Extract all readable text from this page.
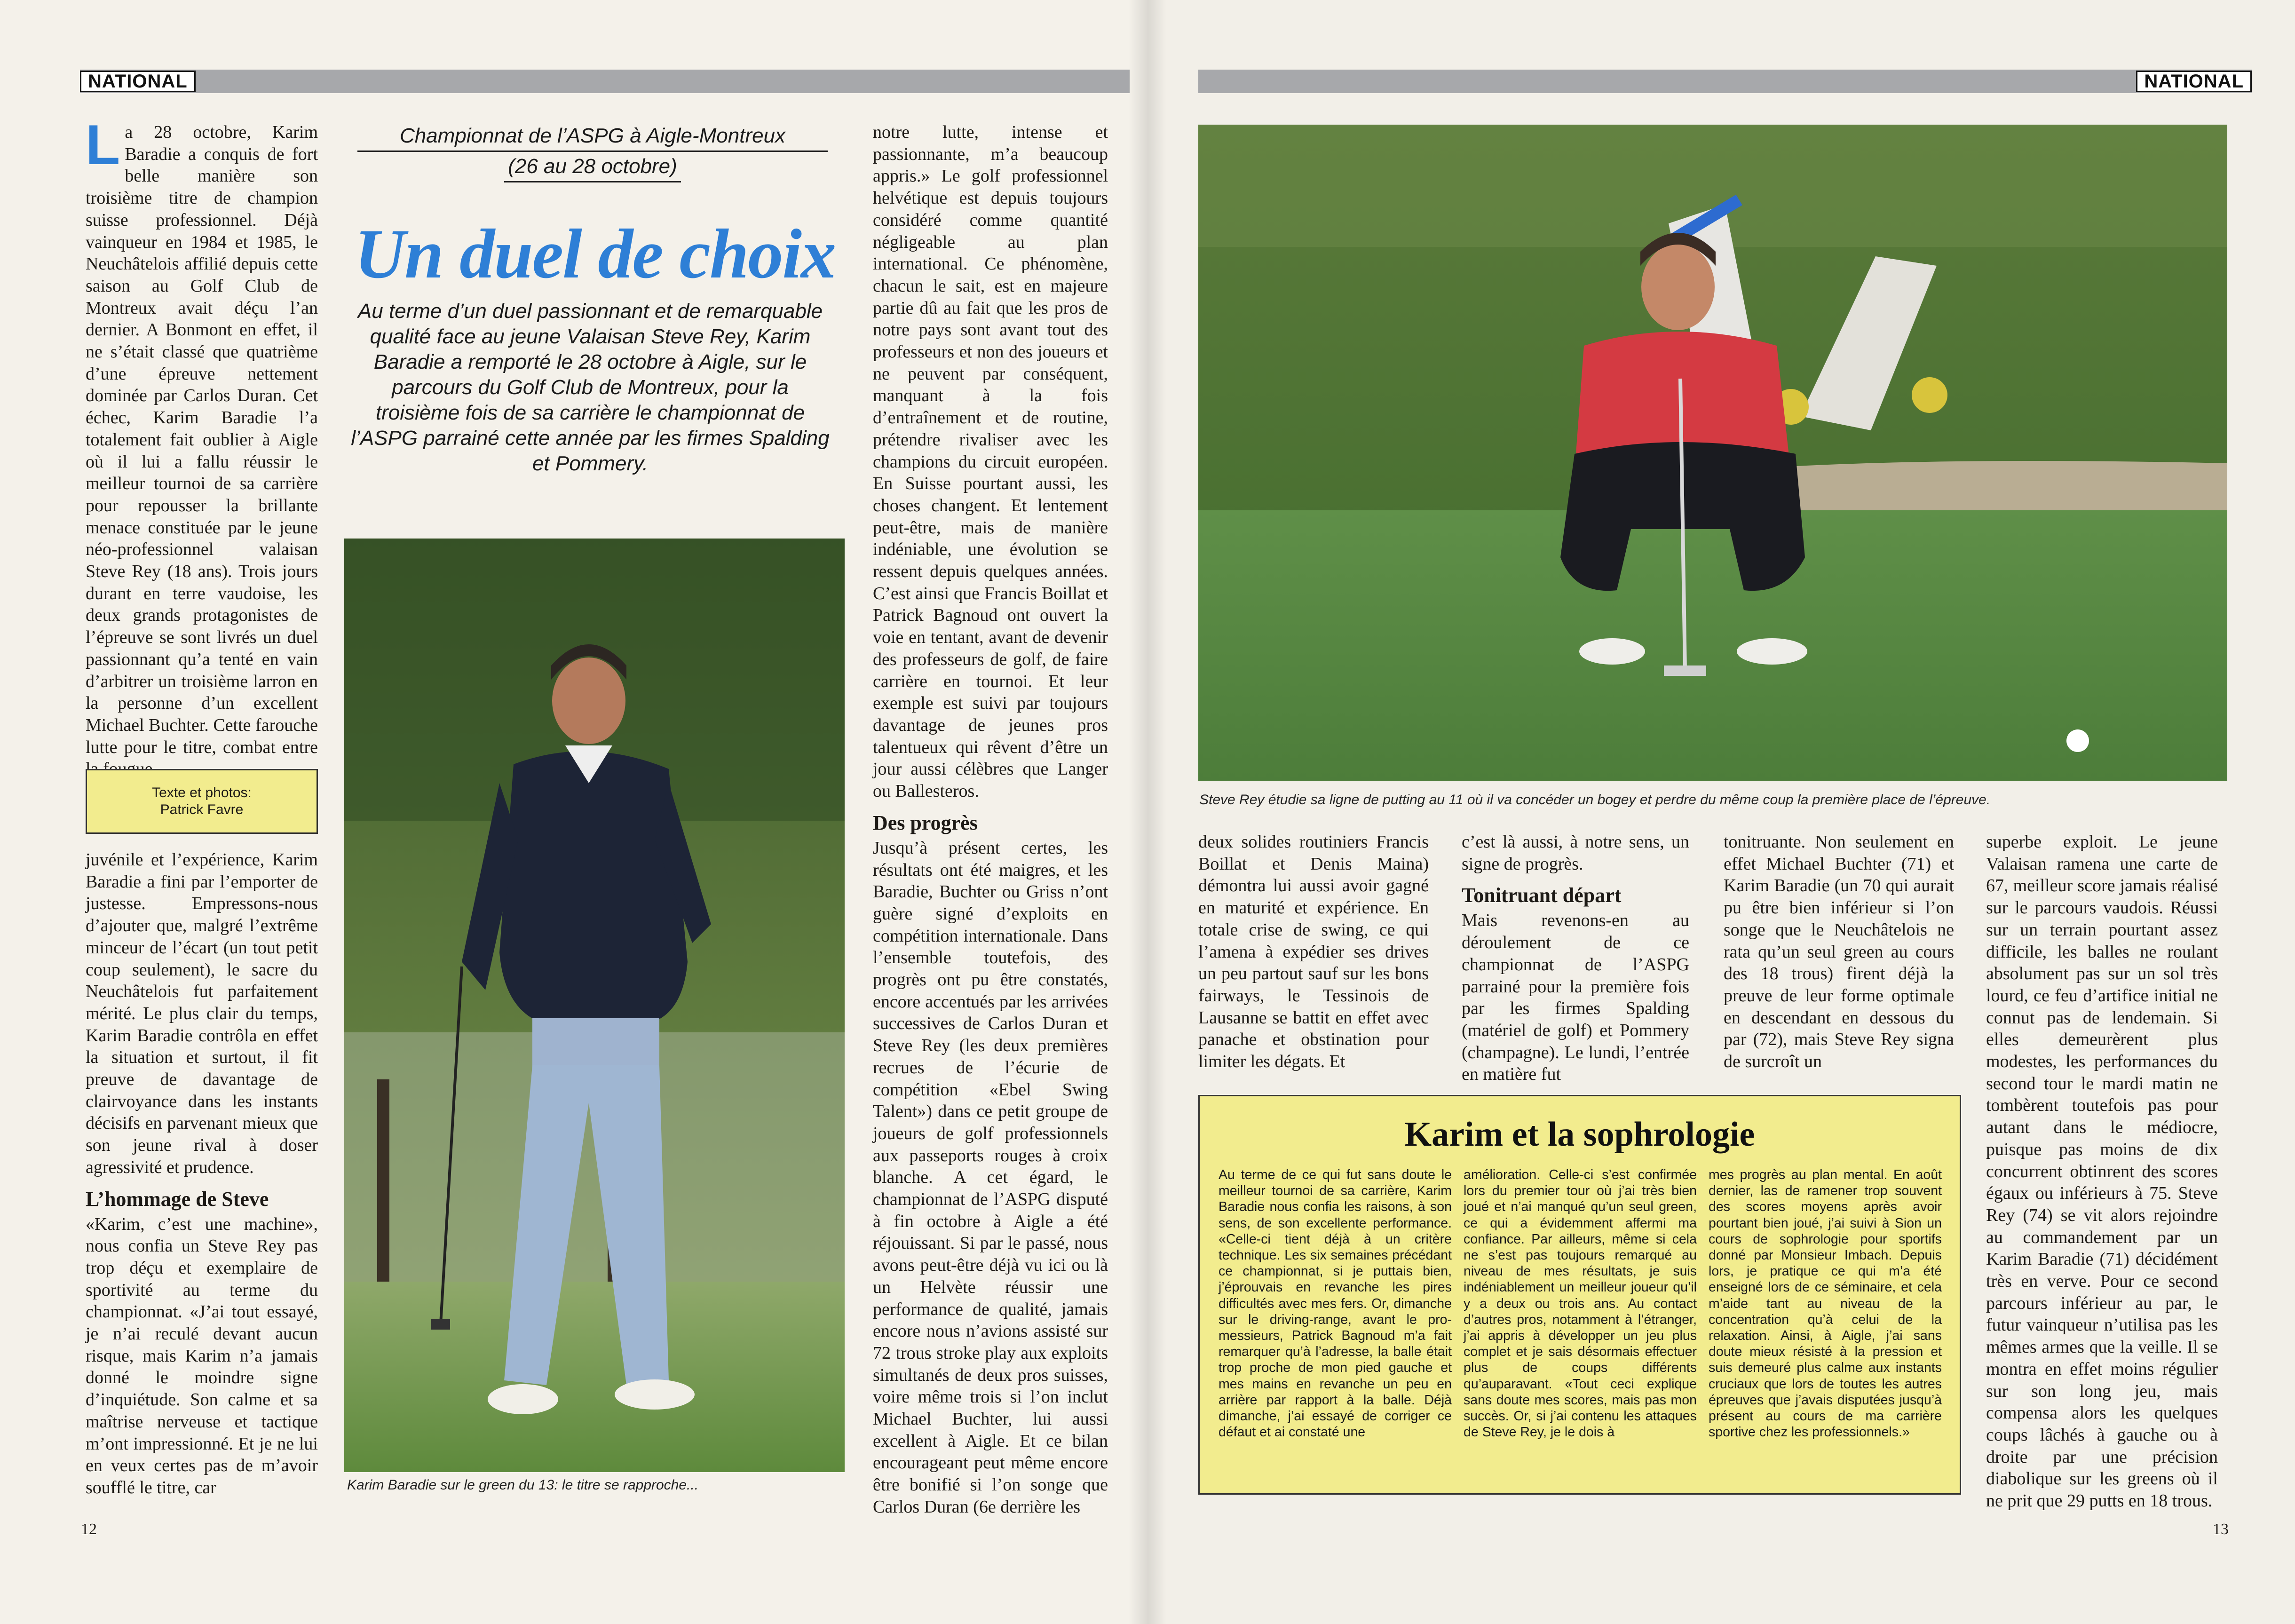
NATIONAL
L a 28 octobre, Karim Baradie a conquis de fort belle manière son troisième titre de champion suisse professionnel. Déjà vainqueur en 1984 et 1985, le Neuchâtelois affilié depuis cette saison au Golf Club de Montreux avait déçu l’an dernier. A Bonmont en effet, il ne s’était classé que quatrième d’une épreuve nettement dominée par Carlos Duran. Cet échec, Karim Baradie l’a totalement fait oublier à Aigle où il lui a fallu réussir le meilleur tournoi de sa carrière pour repousser la brillante menace constituée par le jeune néo-professionnel valaisan Steve Rey (18 ans). Trois jours durant en terre vaudoise, les deux grands protagonistes de l’épreuve se sont livrés un duel passionnant qu’a tenté en vain d’arbitrer un troisième larron en la personne d’un excellent Michael Buchter. Cette farouche lutte pour le titre, combat entre

Texte et photos:
Patrick Favre

juvénile et l’expérience, Karim Baradie a fini par l’emporter de justesse. Empressons-nous d’ajouter que, malgré l’extrême minceur de l’écart (un tout petit coup seulement), le sacre du Neuchâtelois fut parfaitement mérité. Le plus clair du temps, Karim Baradie contrôla en effet la situation et surtout, il fit preuve de davantage de clairvoyance dans les instants décisifs en parvenant mieux que son jeune rival à doser agressivité et prudence.

L’hommage de Steve

«Karim, c’est une machine», nous confia un Steve Rey pas trop déçu et exemplaire de sportivité au terme du championnat. «J’ai tout essayé, je n’ai reculé devant aucun risque, mais Karim n’a jamais donné le moindre signe d’inquiétude. Son calme et sa maîtrise nerveuse et tactique m’ont impressionné. Et je ne lui en veux certes pas de m’avoir soufflé le titre, car

Championnat de l’ASPG à Aigle-Montreux
(26 au 28 octobre)
Un duel de choix
Au terme d’un duel passionnant et de remarquable qualité face au jeune Valaisan Steve Rey, Karim Baradie a remporté le 28 octobre à Aigle, sur le parcours du Golf Club de Montreux, pour la troisième fois de sa carrière le championnat de l’ASPG parrainé cette année par les firmes Spalding et Pommery.
Karim Baradie sur le green du 13: le titre se rapproche...

notre lutte, intense et passionnante, m’a beaucoup appris.» Le golf professionnel helvétique est depuis toujours considéré comme quantité négligeable au plan international. Ce phénomène, chacun le sait, est en majeure partie dû au fait que les pros de notre pays sont avant tout des professeurs et non des joueurs et ne peuvent par conséquent, manquant à la fois d’entraînement et de routine, prétendre rivaliser avec les champions du circuit européen. En Suisse pourtant aussi, les choses changent. Et lentement peut-être, mais de manière indéniable, une évolution se ressent depuis quelques années. C’est ainsi que Francis Boillat et Patrick Bagnoud ont ouvert la voie en tentant, avant de devenir des professeurs de golf, de faire carrière en tournoi. Et leur exemple est suivi par toujours davantage de jeunes pros talentueux qui rêvent d’être un jour aussi célèbres que Langer ou Ballesteros.

Des progrès

Jusqu’à présent certes, les résultats ont été maigres, et les Baradie, Buchter ou Griss n’ont guère signé d’exploits en compétition internationale. Dans l’ensemble toutefois, des progrès ont pu être constatés, encore accentués par les arrivées successives de Carlos Duran et Steve Rey (les deux premières recrues de l’écurie de compétition «Ebel Swing Talent») dans ce petit groupe de joueurs de golf professionnels aux passeports rouges à croix blanche. A cet égard, le championnat de l’ASPG disputé à fin octobre à Aigle a été réjouissant. Si par le passé, nous avons peut-être déjà vu ici ou là un Helvète réussir une performance de qualité, jamais encore nous n’avions assisté sur 72 trous stroke play aux exploits simultanés de deux pros suisses, voire même trois si l’on inclut Michael Buchter, lui aussi excellent à Aigle. Et ce bilan encourageant peut même encore être bonifié si l’on songe que Carlos Duran (6e derrière les

12
NATIONAL
Steve Rey étudie sa ligne de putting au 11 où il va concéder un bogey et perdre du même coup la première place de l’épreuve.

deux solides routiniers Francis Boillat et Denis Maina) démontra lui aussi avoir gagné en maturité et expérience. En totale crise de swing, ce qui l’amena à expédier ses drives un peu partout sauf sur les bons fairways, le Tessinois de Lausanne se battit en effet avec panache et obstination pour limiter les dégats. Et

c’est là aussi, à notre sens, un signe de progrès.

Tonitruant départ

Mais revenons-en au déroulement de ce championnat de l’ASPG parrainé pour la première fois par les firmes Spalding (matériel de golf) et Pommery (champagne). Le lundi, l’entrée en matière fut

tonitruante. Non seulement en effet Michael Buchter (71) et Karim Baradie (un 70 qui aurait pu être bien inférieur si l’on songe que le Neuchâtelois ne rata qu’un seul green au cours des 18 trous) firent déjà la preuve de leur forme optimale en descendant en dessous du par (72), mais Steve Rey signa de surcroît un

superbe exploit. Le jeune Valaisan ramena une carte de 67, meilleur score jamais réalisé sur le parcours vaudois. Réussi sur un terrain pourtant assez difficile, les balles ne roulant absolument pas sur un sol très lourd, ce feu d’artifice initial ne connut pas de lendemain. Si elles demeurèrent plus modestes, les performances du second tour le mardi matin ne tombèrent toutefois pas pour autant dans le médiocre, puisque pas moins de dix concurrent obtinrent des scores égaux ou inférieurs à 75. Steve Rey (74) se vit alors rejoindre au commandement par un Karim Baradie (71) décidément très en verve. Pour ce second parcours inférieur au par, le futur vainqueur n’utilisa pas les mêmes armes que la veille. Il se montra en effet moins régulier sur son long jeu, mais compensa alors les quelques coups lâchés à gauche ou à droite par une précision diabolique sur les greens où il ne prit que 29 putts en 18 trous.

13
Karim et la sophrologie

Au terme de ce qui fut sans doute le meilleur tournoi de sa carrière, Karim Baradie nous confia les raisons, à son sens, de son excellente performance. «Celle-ci tient déjà à un critère technique. Les six semaines précédant ce championnat, si je puttais bien, j’éprouvais en revanche les pires difficultés avec mes fers. Or, dimanche sur le driving-range, avant le pro-messieurs, Patrick Bagnoud m’a fait remarquer qu’à l’adresse, la balle était trop proche de mon pied gauche et mes mains en revanche un peu en arrière par rapport à la balle. Déjà dimanche, j’ai essayé de corriger ce défaut et ai constaté une

amélioration. Celle-ci s’est confirmée lors du premier tour où j’ai très bien joué et n’ai manqué qu’un seul green, ce qui a évidemment affermi ma confiance. Par ailleurs, même si cela ne s’est pas toujours remarqué au niveau de mes résultats, je suis indéniablement un meilleur joueur qu’il y a deux ou trois ans. Au contact d’autres pros, notamment à l’étranger, j’ai appris à développer un jeu plus complet et je sais désormais effectuer plus de coups différents qu’auparavant. «Tout ceci explique sans doute mes scores, mais pas mon succès. Or, si j’ai contenu les attaques de Steve Rey, je le dois à

mes progrès au plan mental. En août dernier, las de ramener trop souvent des scores moyens après avoir pourtant bien joué, j’ai suivi à Sion un cours de sophrologie pour sportifs donné par Monsieur Imbach. Depuis lors, je pratique ce qui m’a été enseigné lors de ce séminaire, et cela m’aide tant au niveau de la concentration qu’à celui de la relaxation. Ainsi, à Aigle, j’ai sans doute mieux résisté à la pression et suis demeuré plus calme aux instants cruciaux que lors de toutes les autres épreuves que j’avais disputées jusqu’à présent au cours de ma carrière sportive chez les professionnels.»
